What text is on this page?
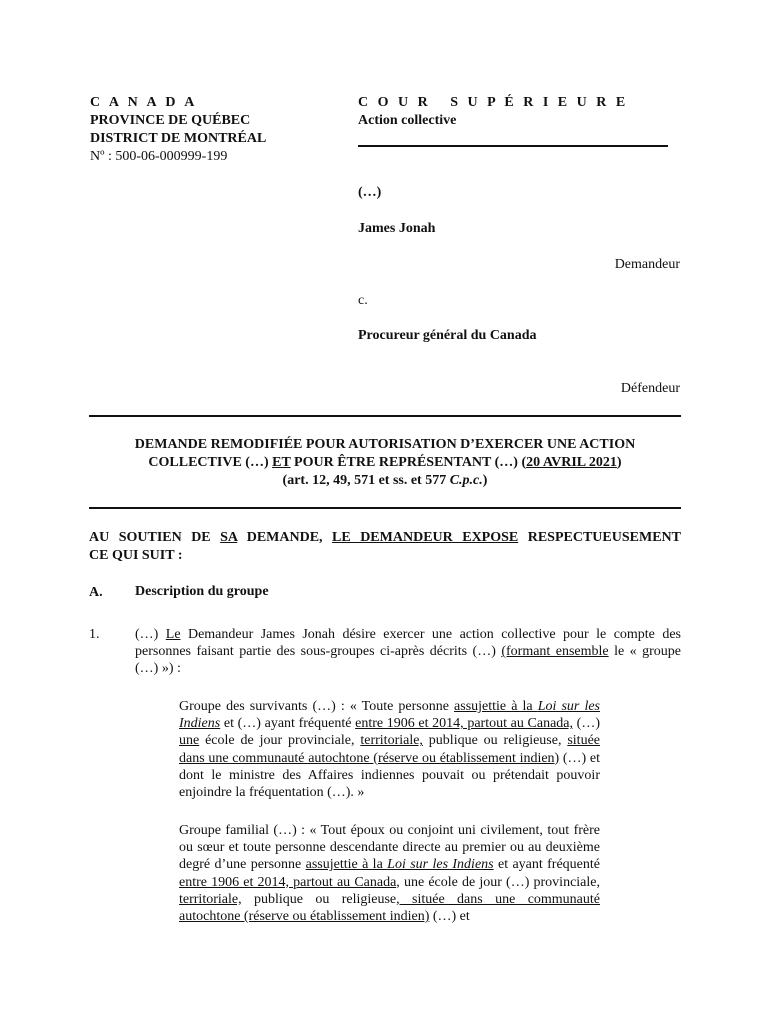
C A N A D A
PROVINCE DE QUÉBEC
DISTRICT DE MONTRÉAL
Nº : 500-06-000999-199
C O U R   S U P É R I E U R E
Action collective
(…)
James Jonah
Demandeur
c.
Procureur général du Canada
Défendeur
DEMANDE REMODIFIÉE POUR AUTORISATION D’EXERCER UNE ACTION
COLLECTIVE (…) ET POUR ÊTRE REPRÉSENTANT (…) (20 AVRIL 2021)
(art. 12, 49, 571 et ss. et 577 C.p.c.)
AU SOUTIEN DE SA DEMANDE, LE DEMANDEUR EXPOSE RESPECTUEUSEMENT
CE QUI SUIT :
A. Description du groupe
1.	(…) Le Demandeur James Jonah désire exercer une action collective pour le compte des personnes faisant partie des sous-groupes ci-après décrits (…) (formant ensemble le « groupe (…) ») :
Groupe des survivants (…) : « Toute personne assujettie à la Loi sur les Indiens et (…) ayant fréquenté entre 1906 et 2014, partout au Canada, (…) une école de jour provinciale, territoriale, publique ou religieuse, située dans une communauté autochtone (réserve ou établissement indien) (…) et dont le ministre des Affaires indiennes pouvait ou prétendait pouvoir enjoindre la fréquentation (…). »
Groupe familial (…) : « Tout époux ou conjoint uni civilement, tout frère ou sœur et toute personne descendante directe au premier ou au deuxième degré d’une personne assujettie à la Loi sur les Indiens et ayant fréquenté entre 1906 et 2014, partout au Canada, une école de jour (…) provinciale, territoriale, publique ou religieuse, située dans une communauté autochtone (réserve ou établissement indien) (…) et
